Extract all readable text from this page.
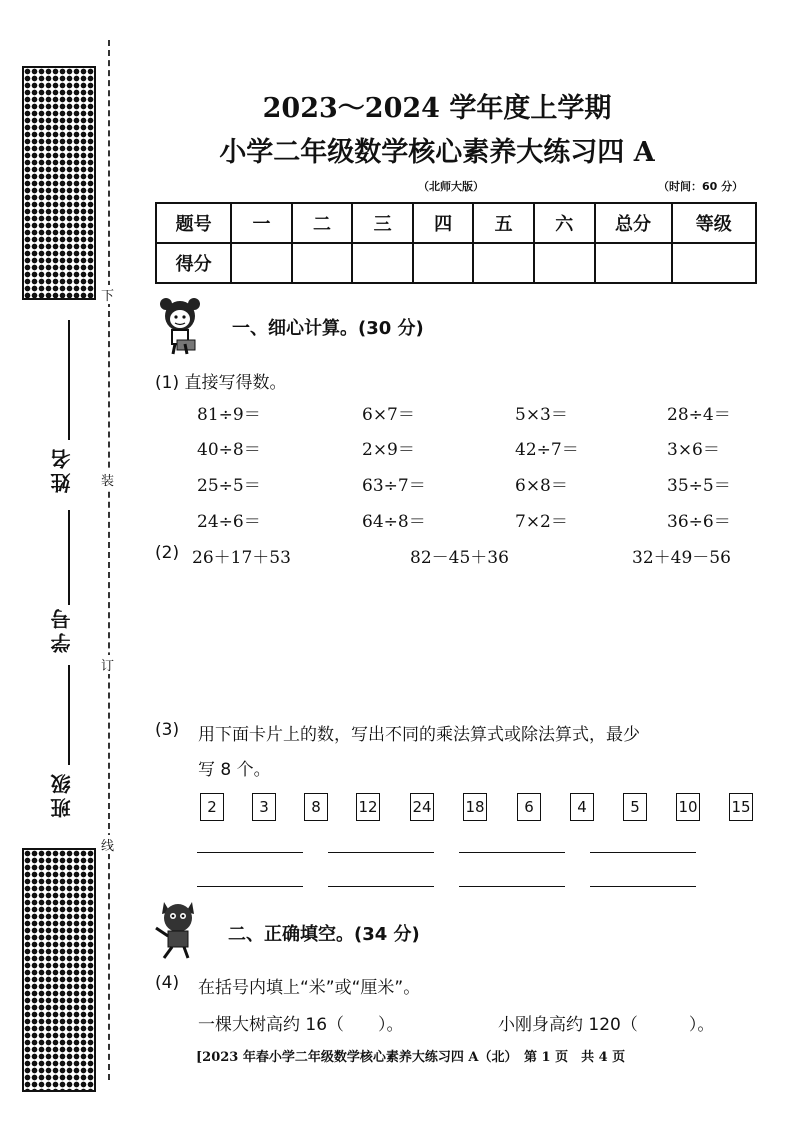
下
装
订
线
姓名
学号
班级
2023～2024 学年度上学期
小学二年级数学核心素养大练习四 A
（北师大版）	（时间：60 分）
题号	一	二	三	四	五	六	总分	等级
得分								
一、细心计算。(30 分)
(1) 直接写得数。
81÷9＝	6×7＝	5×3＝	28÷4＝
40÷8＝	2×9＝	42÷7＝	3×6＝
25÷5＝	63÷7＝	6×8＝	35÷5＝
24÷6＝	64÷8＝	7×2＝	36÷6＝
(2) 26＋17＋53	82－45＋36	32＋49－56
(3) 用下面卡片上的数，写出不同的乘法算式或除法算式，最少
写 8 个。
2	3	8	12 24 18	6	4	5	10 15
二、正确填空。(34 分)
(4) 在括号内填上“米”或“厘米”。
一棵大树高约 16（　　）。	小刚身高约 120（　　　）。
[2023 年春小学二年级数学核心素养大练习四 A（北）　第 1 页　共 4 页
